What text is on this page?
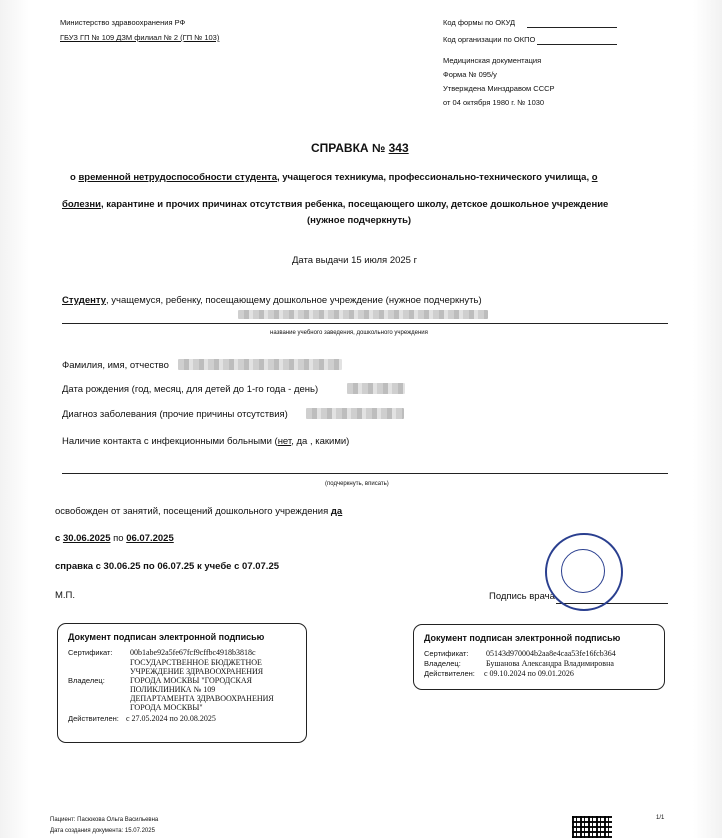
Министерство здравоохранения РФ
ГБУЗ ГП № 109 ДЗМ филиал № 2 (ГП № 103)
Код формы по ОКУД
Код организации по ОКПО
Медицинская документация
Форма № 095/у
Утверждена Минздравом СССР
от 04 октября 1980 г. № 1030
СПРАВКА № 343
о временной нетрудоспособности студента, учащегося техникума, профессионально-технического училища, о
болезни, карантине и прочих причинах отсутствия ребенка, посещающего школу, детское дошкольное учреждение
(нужное подчеркнуть)
Дата выдачи 15 июля 2025 г
Студенту, учащемуся, ребенку, посещающему дошкольное учреждение (нужное подчеркнуть)
название учебного заведения, дошкольного учреждения
Фамилия, имя, отчество
Дата рождения (год, месяц, для детей до 1-го года - день)
Диагноз заболевания (прочие причины отсутствия)
Наличие контакта с инфекционными больными (нет, да , какими)
(подчеркнуть, вписать)
освобожден от занятий, посещений дошкольного учреждения да
с 30.06.2025 по 06.07.2025
справка с 30.06.25 по 06.07.25 к учебе с 07.07.25
М.П.	Подпись врача
Документ подписан электронной подписью
Сертификат:	00b1abe92a5fe67fcf9cffbc4918b3818c
Владелец:
ГОСУДАРСТВЕННОЕ БЮДЖЕТНОЕ
УЧРЕЖДЕНИЕ ЗДРАВООХРАНЕНИЯ
ГОРОДА МОСКВЫ "ГОРОДСКАЯ
ПОЛИКЛИНИКА № 109
ДЕПАРТАМЕНТА ЗДРАВООХРАНЕНИЯ
ГОРОДА МОСКВЫ"
Действителен: с 27.05.2024 по 20.08.2025
Документ подписан электронной подписью
Сертификат:	05143d970004b2aa8e4caa53fe16fcb364
Владелец:	Бушанова Александра Владимировна
Действителен:	с 09.10.2024 по 09.01.2026
Пациент: Пасюкова Ольга Васильевна
Дата создания документа: 15.07.2025
1/1
